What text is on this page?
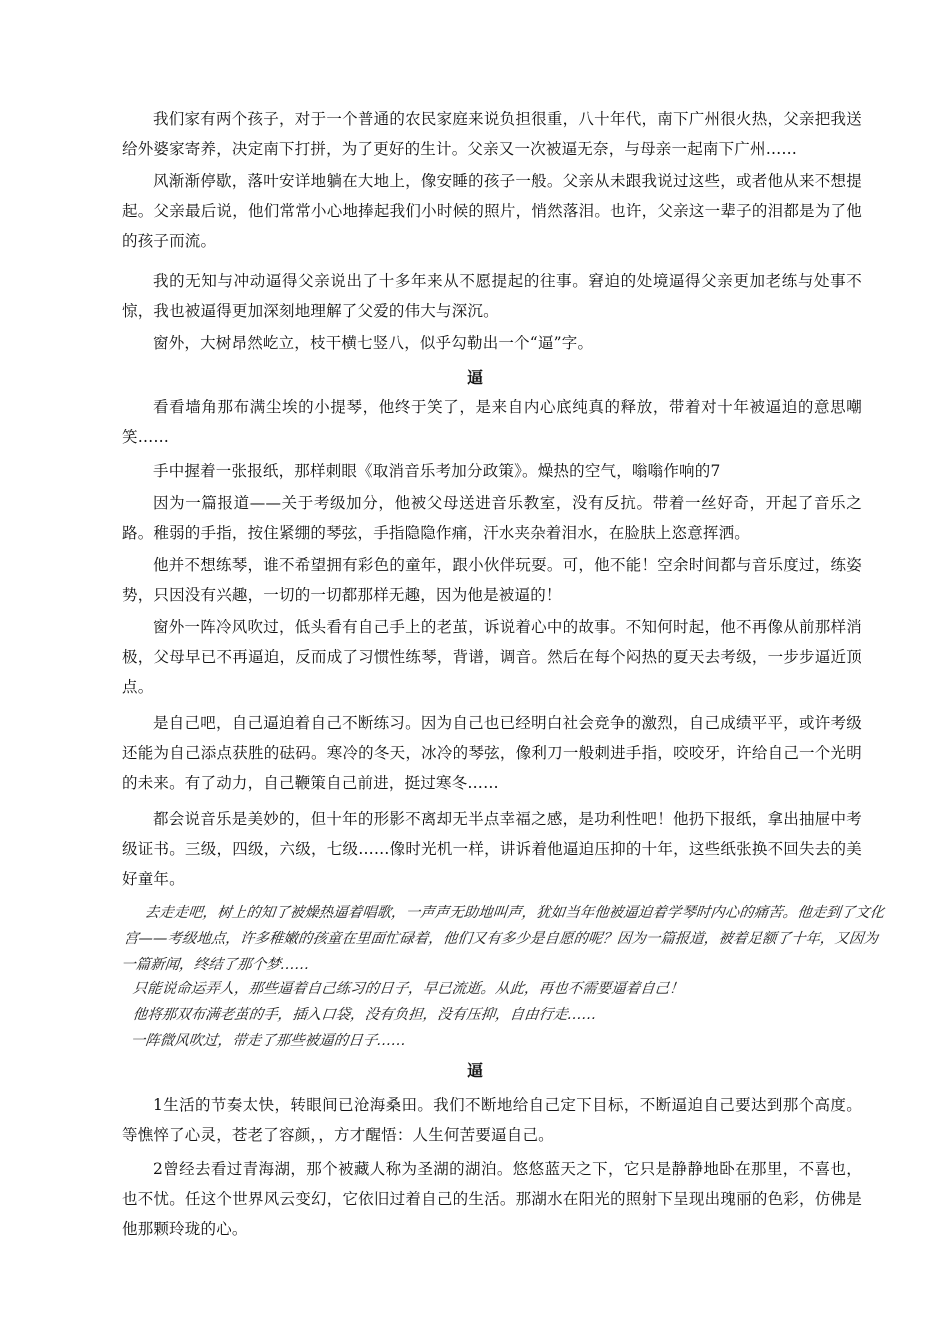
我们家有两个孩子，对于一个普通的农民家庭来说负担很重，八十年代，南下广州很火热，父亲把我送给外婆家寄养，决定南下打拼，为了更好的生计。父亲又一次被逼无奈，与母亲一起南下广州……

风渐渐停歇，落叶安详地躺在大地上，像安睡的孩子一般。父亲从未跟我说过这些，或者他从来不想提起。父亲最后说，他们常常小心地捧起我们小时候的照片，悄然落泪。也许，父亲这一辈子的泪都是为了他的孩子而流。

我的无知与冲动逼得父亲说出了十多年来从不愿提起的往事。窘迫的处境逼得父亲更加老练与处事不惊，我也被逼得更加深刻地理解了父爱的伟大与深沉。

窗外，大树昂然屹立，枝干横七竖八，似乎勾勒出一个“逼”字。

逼

看看墙角那布满尘埃的小提琴，他终于笑了，是来自内心底纯真的释放，带着对十年被逼迫的意思嘲笑……

手中握着一张报纸，那样刺眼《取消音乐考加分政策》。燥热的空气，嗡嗡作响的7

因为一篇报道——关于考级加分，他被父母送进音乐教室，没有反抗。带着一丝好奇，开起了音乐之路。稚弱的手指，按住紧绷的琴弦，手指隐隐作痛，汗水夹杂着泪水，在脸肤上恣意挥洒。

他并不想练琴，谁不希望拥有彩色的童年，跟小伙伴玩耍。可，他不能！空余时间都与音乐度过，练姿势，只因没有兴趣，一切的一切都那样无趣，因为他是被逼的！

窗外一阵冷风吹过，低头看有自己手上的老茧，诉说着心中的故事。不知何时起，他不再像从前那样消极，父母早已不再逼迫，反而成了习惯性练琴，背谱，调音。然后在每个闷热的夏天去考级，一步步逼近顶点。

是自己吧，自己逼迫着自己不断练习。因为自己也已经明白社会竞争的激烈，自己成绩平平，或许考级还能为自己添点获胜的砝码。寒冷的冬天，冰冷的琴弦，像利刀一般刺进手指，咬咬牙，许给自己一个光明的未来。有了动力，自己鞭策自己前进，挺过寒冬……

都会说音乐是美妙的，但十年的形影不离却无半点幸福之感，是功利性吧！他扔下报纸，拿出抽屉中考级证书。三级，四级，六级，七级……像时光机一样，讲诉着他逼迫压抑的十年，这些纸张换不回失去的美好童年。

去走走吧，树上的知了被燥热逼着唱歌，一声声无助地叫声，犹如当年他被逼迫着学琴时内心的痛苦。他走到了文化宫——考级地点，许多稚嫩的孩童在里面忙碌着，他们又有多少是自愿的呢？因为一篇报道，被着足额了十年，又因为一篇新闻，终结了那个梦……

只能说命运弄人，那些逼着自己练习的日子，早已流逝。从此，再也不需要逼着自己！

他将那双布满老茧的手，插入口袋，没有负担，没有压抑，自由行走……

一阵微风吹过，带走了那些被逼的日子……

逼

1生活的节奏太快，转眼间已沧海桑田。我们不断地给自己定下目标，不断逼迫自己要达到那个高度。等憔悴了心灵，苍老了容颜，，方才醒悟：人生何苦要逼自己。

2曾经去看过青海湖，那个被藏人称为圣湖的湖泊。悠悠蓝天之下，它只是静静地卧在那里，不喜也，也不忧。任这个世界风云变幻，它依旧过着自己的生活。那湖水在阳光的照射下呈现出瑰丽的色彩，仿佛是他那颗玲珑的心。
